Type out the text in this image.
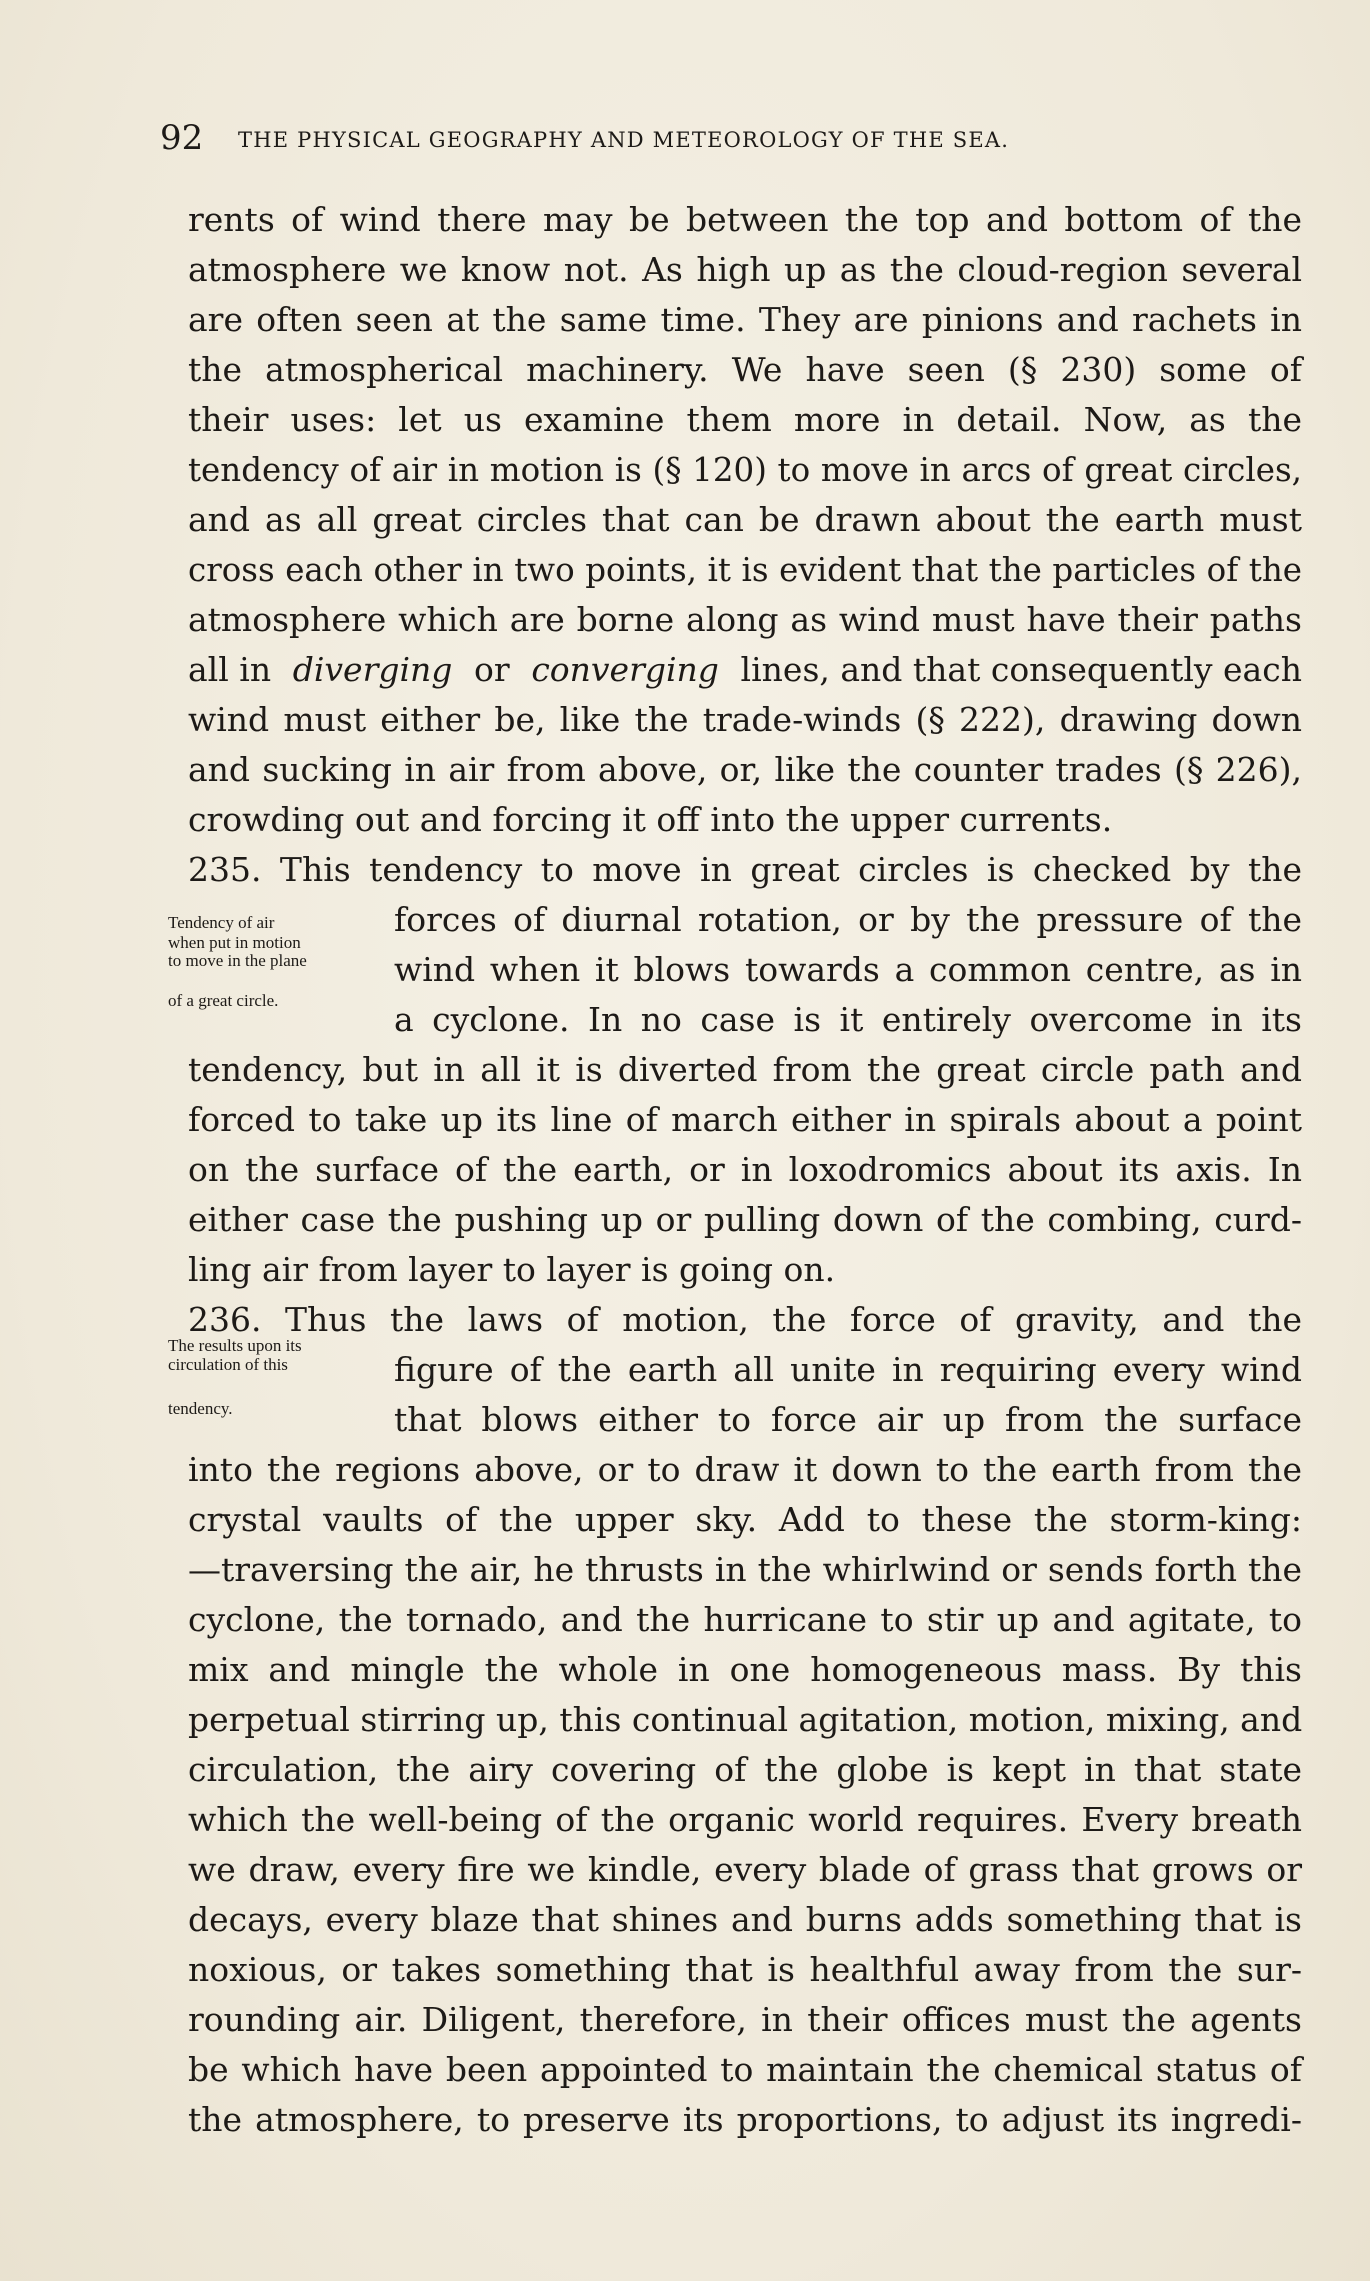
92 THE PHYSICAL GEOGRAPHY AND METEOROLOGY OF THE SEA.
Tendency of air
when put in motion
to move in the plane
of a great circle.
The results upon its
circulation of this
tendency.
rents of wind there may be between the top and bottom of the
atmosphere we know not. As high up as the cloud-region several
are often seen at the same time. They are pinions and rachets in
the atmospherical machinery. We have seen (§ 230) some of
their uses: let us examine them more in detail. Now, as the
tendency of air in motion is (§ 120) to move in arcs of great circles,
and as all great circles that can be drawn about the earth must
cross each other in two points, it is evident that the particles of the
atmosphere which are borne along as wind must have their paths
all in diverging or converging lines, and that consequently each
wind must either be, like the trade-winds (§ 222), drawing down
and sucking in air from above, or, like the counter trades (§ 226),
crowding out and forcing it off into the upper currents.
235. This tendency to move in great circles is checked by the
forces of diurnal rotation, or by the pressure of the
wind when it blows towards a common centre, as in
a cyclone. In no case is it entirely overcome in its
tendency, but in all it is diverted from the great circle path and
forced to take up its line of march either in spirals about a point
on the surface of the earth, or in loxodromics about its axis. In
either case the pushing up or pulling down of the combing, curd-
ling air from layer to layer is going on.
236. Thus the laws of motion, the force of gravity, and the
figure of the earth all unite in requiring every wind
that blows either to force air up from the surface
into the regions above, or to draw it down to the earth from the
crystal vaults of the upper sky. Add to these the storm-king:
—traversing the air, he thrusts in the whirlwind or sends forth the
cyclone, the tornado, and the hurricane to stir up and agitate, to
mix and mingle the whole in one homogeneous mass. By this
perpetual stirring up, this continual agitation, motion, mixing, and
circulation, the airy covering of the globe is kept in that state
which the well-being of the organic world requires. Every breath
we draw, every fire we kindle, every blade of grass that grows or
decays, every blaze that shines and burns adds something that is
noxious, or takes something that is healthful away from the sur-
rounding air. Diligent, therefore, in their offices must the agents
be which have been appointed to maintain the chemical status of
the atmosphere, to preserve its proportions, to adjust its ingredi-
